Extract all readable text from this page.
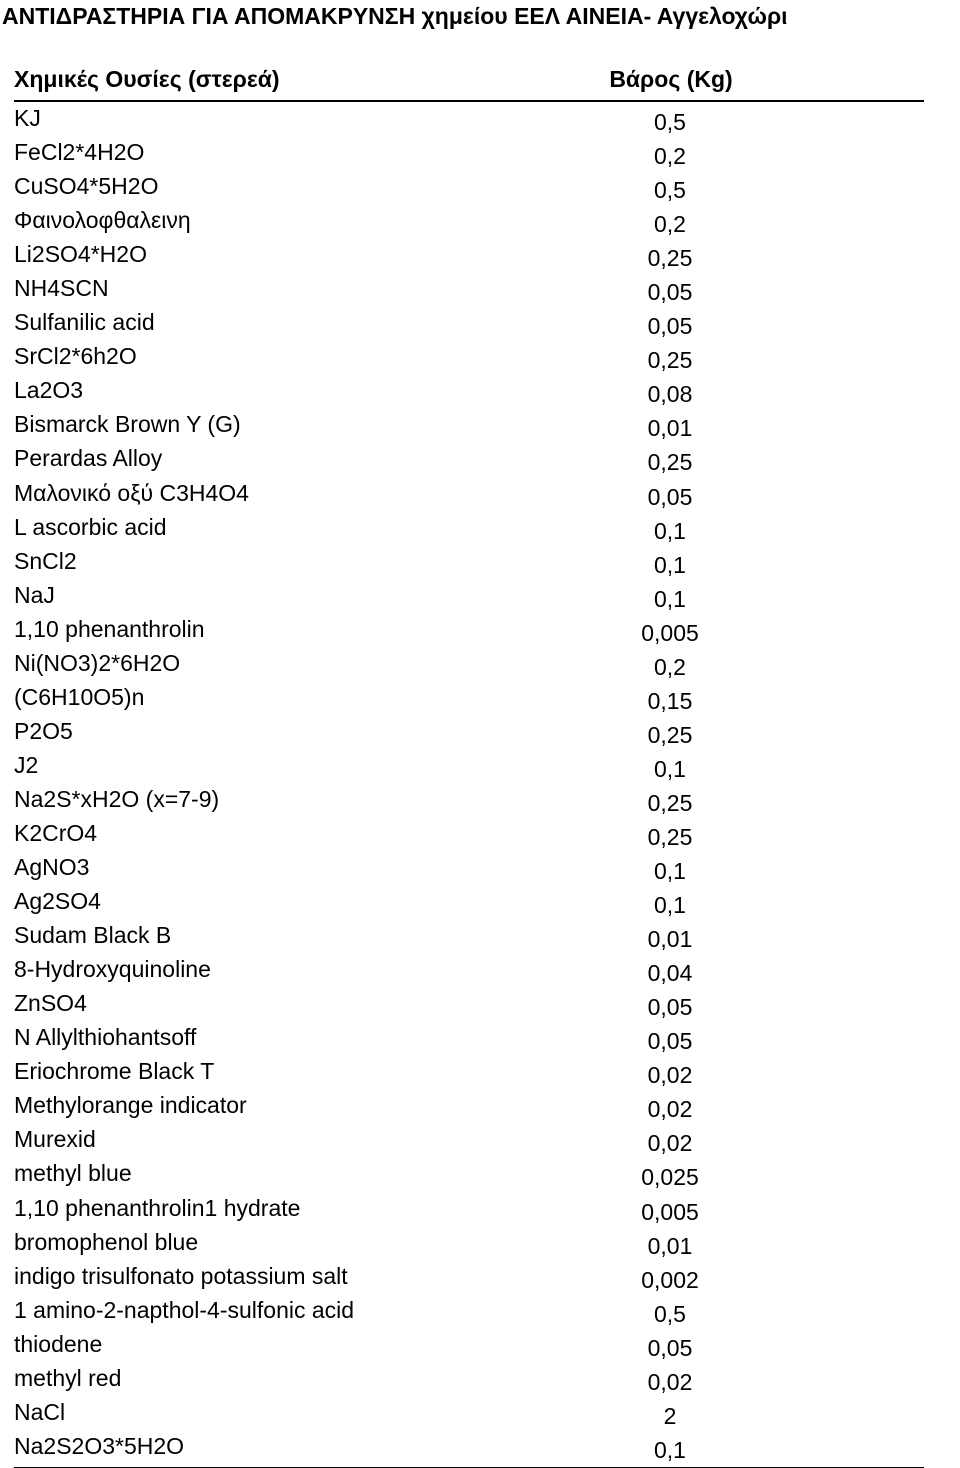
ΑΝΤΙΔΡΑΣΤΗΡΙΑ ΓΙΑ ΑΠΟΜΑΚΡΥΝΣΗ χημείου ΕΕΛ ΑΙΝΕΙΑ- Αγγελοχώρι
Χημικές Ουσίες (στερεά)	Βάρος (Kg)
KJ	0,5
FeCl2*4H2O	0,2
CuSO4*5H2O	0,5
Φαινολοφθαλεινη	0,2
Li2SO4*H2O	0,25
NH4SCN	0,05
Sulfanilic acid	0,05
SrCl2*6h2O	0,25
La2O3	0,08
Bismarck Brown Y (G)	0,01
Perardas Alloy	0,25
Μαλονικό οξύ C3H4O4	0,05
L ascorbic acid	0,1
SnCl2	0,1
NaJ	0,1
1,10 phenanthrolin	0,005
Ni(NO3)2*6H2O	0,2
(C6H10O5)n	0,15
P2O5	0,25
J2	0,1
Na2S*xH2O (x=7-9)	0,25
K2CrO4	0,25
AgNO3	0,1
Ag2SO4	0,1
Sudam Black B	0,01
8-Hydroxyquinoline	0,04
ZnSO4	0,05
N Allylthiohantsoff	0,05
Eriochrome Black T	0,02
Methylorange indicator	0,02
Murexid	0,02
methyl blue	0,025
1,10 phenanthrolin1 hydrate	0,005
bromophenol blue	0,01
indigo trisulfonato potassium salt	0,002
1 amino-2-napthol-4-sulfonic acid	0,5
thiodene	0,05
methyl red	0,02
NaCl	2
Na2S2O3*5H2O	0,1
